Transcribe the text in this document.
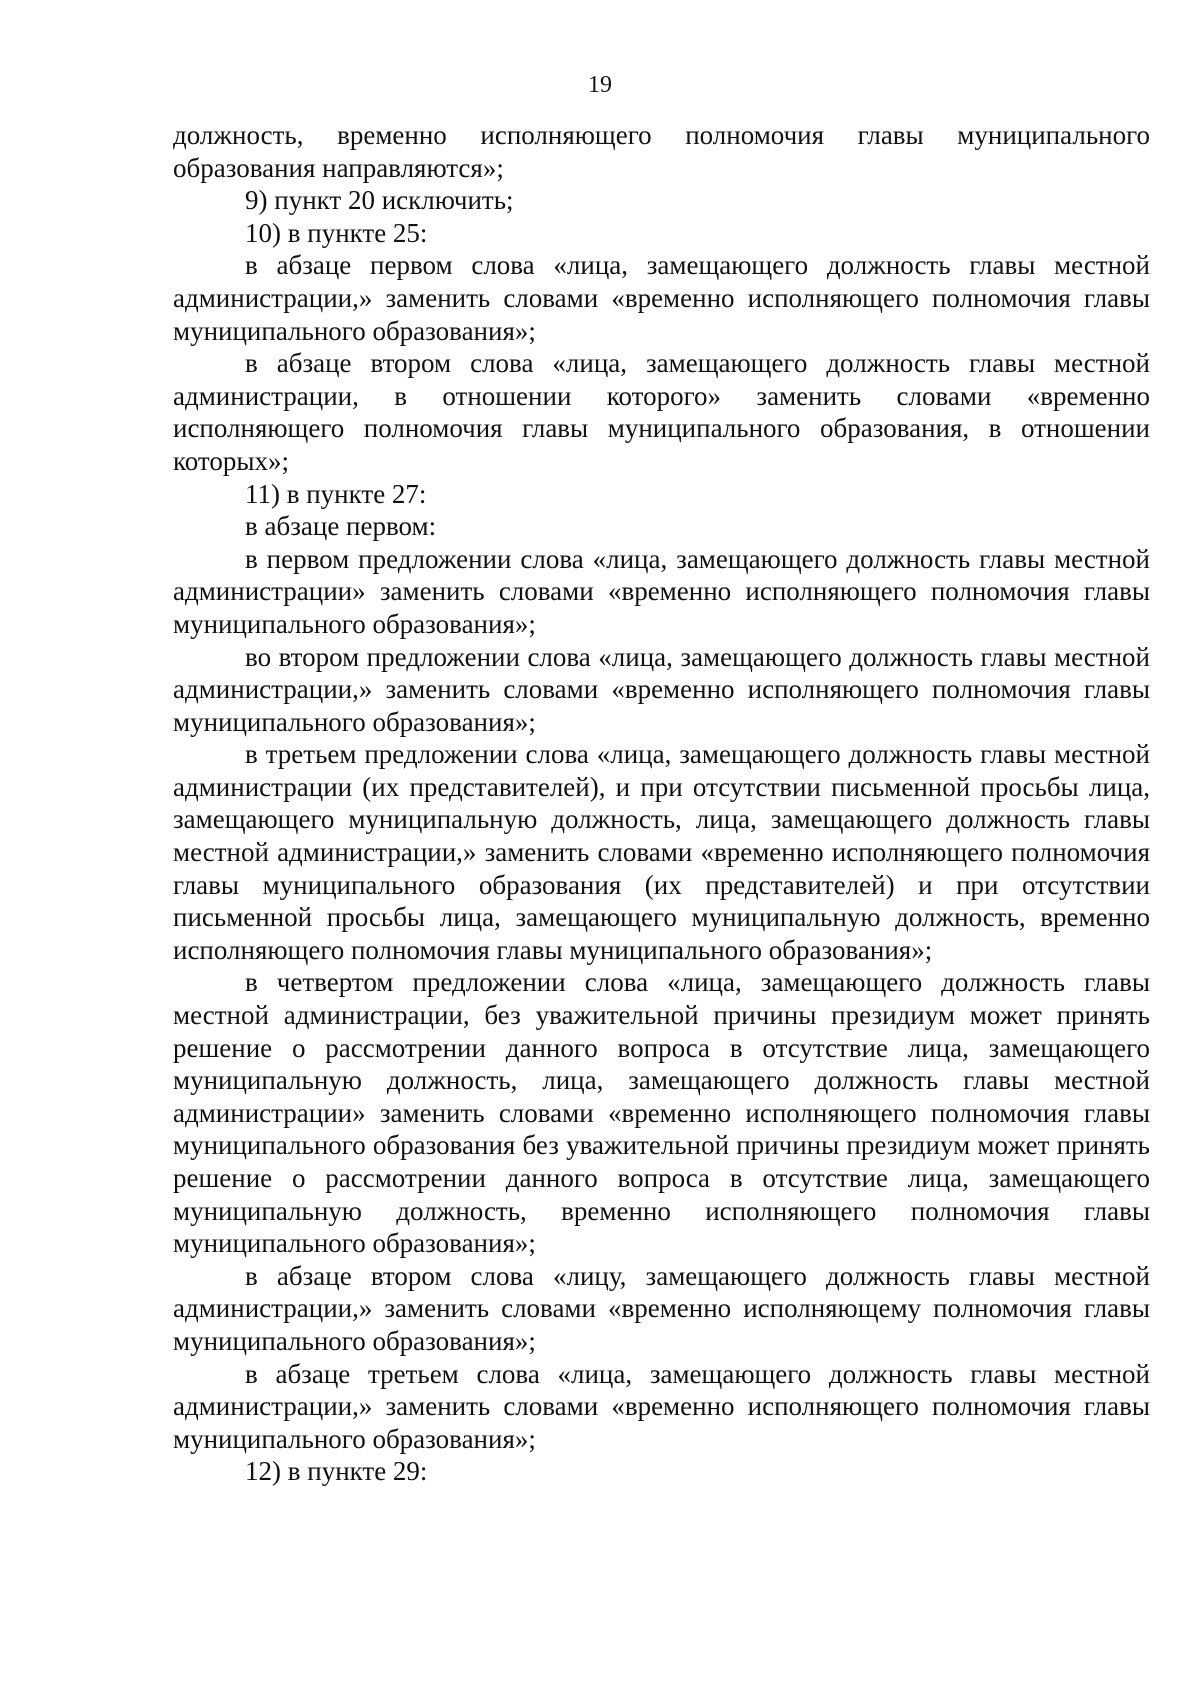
19

должность, временно исполняющего полномочия главы муниципального образования направляются»;

9) пункт 20 исключить;

10) в пункте 25:

в абзаце первом слова «лица, замещающего должность главы местной администрации,» заменить словами «временно исполняющего полномочия главы муниципального образования»;

в абзаце втором слова «лица, замещающего должность главы местной администрации, в отношении которого» заменить словами «временно исполняющего полномочия главы муниципального образования, в отношении которых»;

11) в пункте 27:

в абзаце первом:

в первом предложении слова «лица, замещающего должность главы местной администрации» заменить словами «временно исполняющего полномочия главы муниципального образования»;

во втором предложении слова «лица, замещающего должность главы местной администрации,» заменить словами «временно исполняющего полномочия главы муниципального образования»;

в третьем предложении слова «лица, замещающего должность главы местной администрации (их представителей), и при отсутствии письменной просьбы лица, замещающего муниципальную должность, лица, замещающего должность главы местной администрации,» заменить словами «временно исполняющего полномочия главы муниципального образования (их представителей) и при отсутствии письменной просьбы лица, замещающего муниципальную должность, временно исполняющего полномочия главы муниципального образования»;

в четвертом предложении слова «лица, замещающего должность главы местной администрации, без уважительной причины президиум может принять решение о рассмотрении данного вопроса в отсутствие лица, замещающего муниципальную должность, лица, замещающего должность главы местной администрации» заменить словами «временно исполняющего полномочия главы муниципального образования без уважительной причины президиум может принять решение о рассмотрении данного вопроса в отсутствие лица, замещающего муниципальную должность, временно исполняющего полномочия главы муниципального образования»;

в абзаце втором слова «лицу, замещающего должность главы местной администрации,» заменить словами «временно исполняющему полномочия главы муниципального образования»;

в абзаце третьем слова «лица, замещающего должность главы местной администрации,» заменить словами «временно исполняющего полномочия главы муниципального образования»;

12) в пункте 29:
